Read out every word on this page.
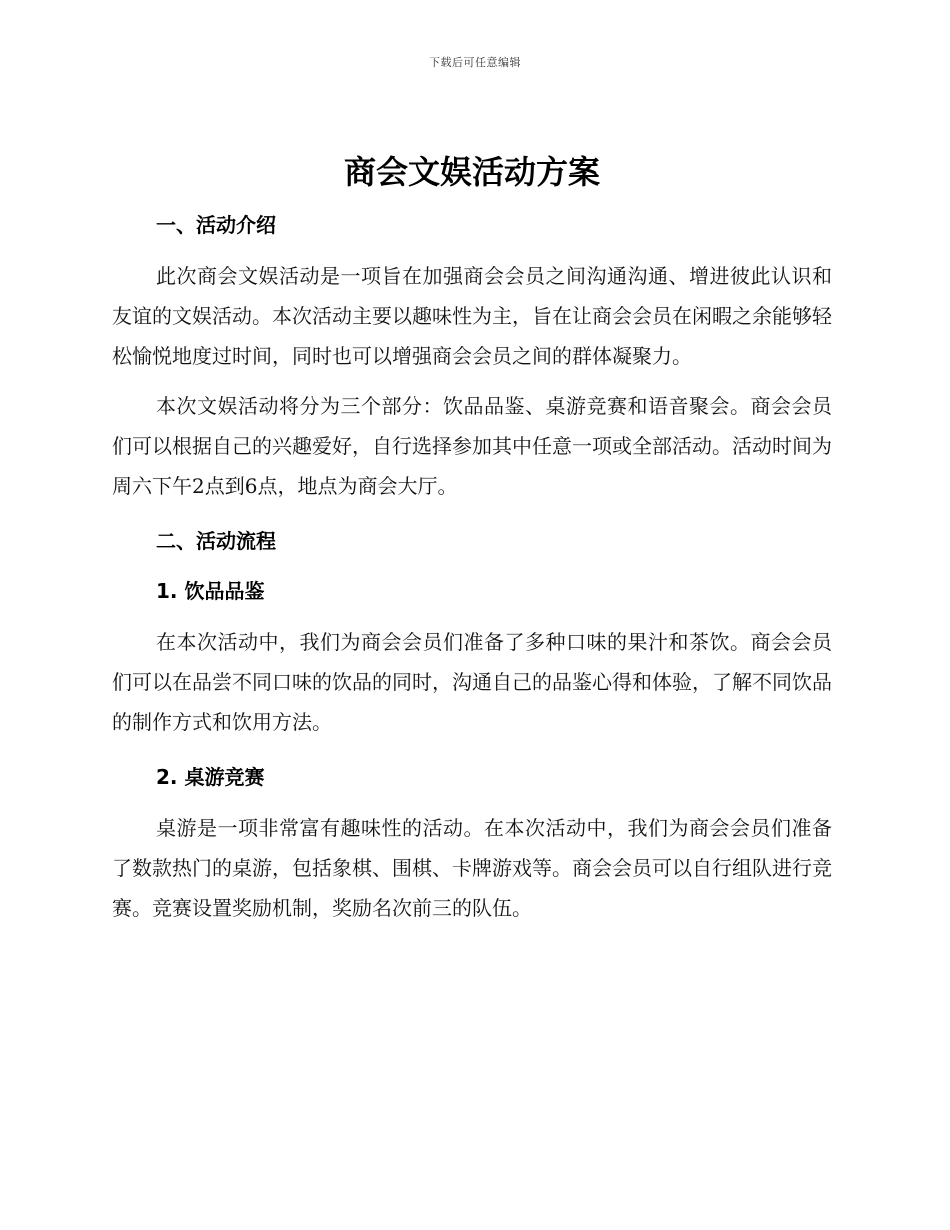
下载后可任意编辑
商会文娱活动方案
一、活动介绍

此次商会文娱活动是一项旨在加强商会会员之间沟通沟通、增进彼此认识和友谊的文娱活动。本次活动主要以趣味性为主，旨在让商会会员在闲暇之余能够轻松愉悦地度过时间，同时也可以增强商会会员之间的群体凝聚力。

本次文娱活动将分为三个部分：饮品品鉴、桌游竞赛和语音聚会。商会会员们可以根据自己的兴趣爱好，自行选择参加其中任意一项或全部活动。活动时间为周六下午2点到6点，地点为商会大厅。

二、活动流程
1. 饮品品鉴

在本次活动中，我们为商会会员们准备了多种口味的果汁和茶饮。商会会员们可以在品尝不同口味的饮品的同时，沟通自己的品鉴心得和体验，了解不同饮品的制作方式和饮用方法。

2. 桌游竞赛

桌游是一项非常富有趣味性的活动。在本次活动中，我们为商会会员们准备了数款热门的桌游，包括象棋、围棋、卡牌游戏等。商会会员可以自行组队进行竞赛。竞赛设置奖励机制，奖励名次前三的队伍。
